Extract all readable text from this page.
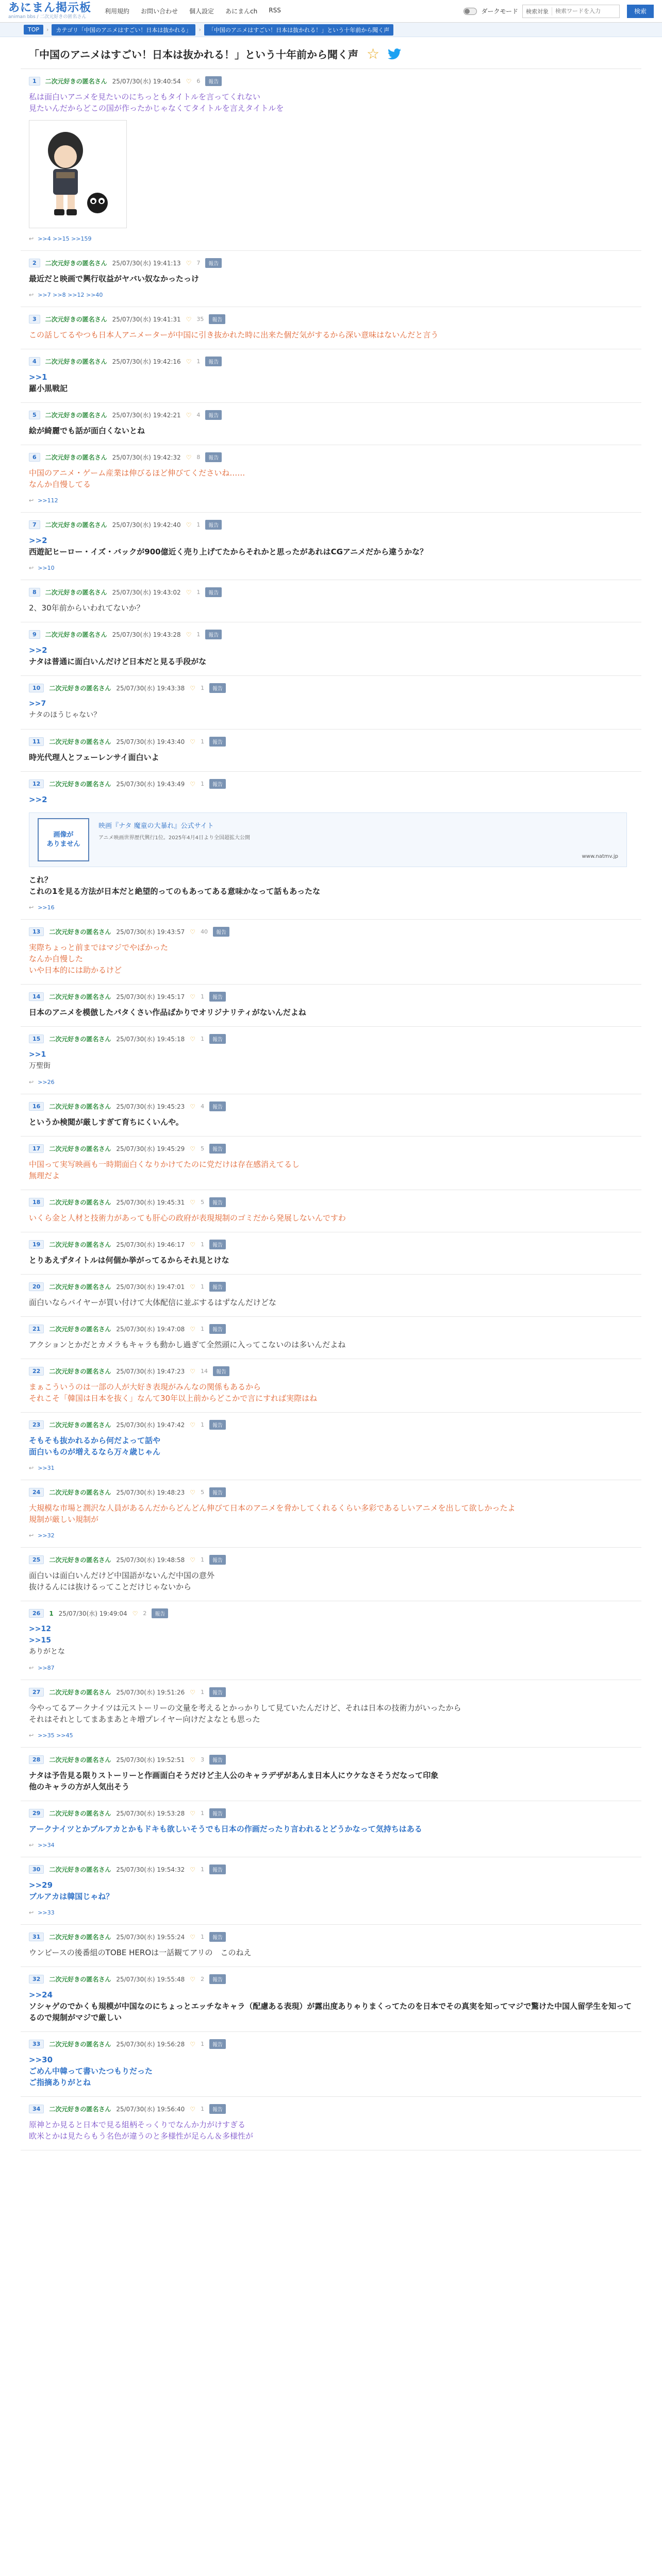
あにまん掲示板
animan bbs / 二次元好きの匿名さん
利用規約 お問い合わせ 個人設定 あにまんch RSS	ダークモード	検索対象
検索ワードを入力	検索
TOP	›	カテゴリ「中国のアニメはすごい！日本は抜かれる」	›	「中国のアニメはすごい！日本は抜かれる！」という十年前から聞く声
「中国のアニメはすごい！日本は抜かれる！」という十年前から聞く声 ☆
1	二次元好きの匿名さん 25/07/30(水) 19:40:54 ♡ 6	報告
私は面白いアニメを見たいのにちっともタイトルを言ってくれない
見たいんだからどこの国が作ったかじゃなくてタイトルを言えタイトルを
↩ >>4 >>15 >>159
2	二次元好きの匿名さん 25/07/30(水) 19:41:13 ♡ 7	報告
最近だと映画で興行収益がヤバい奴なかったっけ
↩ >>7 >>8 >>12 >>40
3	二次元好きの匿名さん 25/07/30(水) 19:41:31 ♡ 35	報告
この話してるやつも日本人アニメーターが中国に引き抜かれた時に出来た個だ気がするから深い意味はないんだと言う
4	二次元好きの匿名さん 25/07/30(水) 19:42:16 ♡ 1	報告
>>1
羅小黒戦記
5	二次元好きの匿名さん 25/07/30(水) 19:42:21 ♡ 4	報告
絵が綺麗でも話が面白くないとね
6	二次元好きの匿名さん 25/07/30(水) 19:42:32 ♡ 8	報告
中国のアニメ・ゲーム産業は伸びるほど伸びてくださいね……
なんか自慢してる
↩ >>112
7	二次元好きの匿名さん 25/07/30(水) 19:42:40 ♡ 1	報告
>>2
西遊記ヒーロー・イズ・バックが900億近く売り上げてたからそれかと思ったがあれはCGアニメだから違うかな？
↩ >>10
8	二次元好きの匿名さん 25/07/30(水) 19:43:02 ♡ 1	報告
2、30年前からいわれてないか？
9	二次元好きの匿名さん 25/07/30(水) 19:43:28 ♡ 1	報告
>>2
ナタは普通に面白いんだけど日本だと見る手段がな
10	二次元好きの匿名さん 25/07/30(水) 19:43:38 ♡ 1	報告
>>7
ナタのほうじゃない？
11	二次元好きの匿名さん 25/07/30(水) 19:43:40 ♡ 1	報告
時光代理人とフェーレンサイ面白いよ
12	二次元好きの匿名さん 25/07/30(水) 19:43:49 ♡ 1	報告
>>2
画像が
ありません
映画『ナタ 魔童の大暴れ』公式サイト
アニメ映画世界歴代興行1位。2025年4月4日より全国超拡大公開
www.natmv.jp
これ？
これの1を見る方法が日本だと絶望的ってのもあってある意味かなって話もあったな
↩ >>16
13	二次元好きの匿名さん 25/07/30(水) 19:43:57 ♡ 40	報告
実際ちょっと前まではマジでやばかった
なんか自慢した
いや日本的には助かるけど
14	二次元好きの匿名さん 25/07/30(水) 19:45:17 ♡ 1	報告
日本のアニメを模倣したパタくさい作品ばかりでオリジナリティがないんだよね
15	二次元好きの匿名さん 25/07/30(水) 19:45:18 ♡ 1	報告
>>1
万聖街
↩ >>26
16	二次元好きの匿名さん 25/07/30(水) 19:45:23 ♡ 4	報告
というか検閲が厳しすぎて育ちにくいんや。
17	二次元好きの匿名さん 25/07/30(水) 19:45:29 ♡ 5	報告
中国って実写映画も一時期面白くなりかけてたのに党だけは存在感消えてるし
無理だよ
18	二次元好きの匿名さん 25/07/30(水) 19:45:31 ♡ 5	報告
いくら金と人材と技術力があっても肝心の政府が表現規制のゴミだから発展しないんですわ
19	二次元好きの匿名さん 25/07/30(水) 19:46:17 ♡ 1	報告
とりあえずタイトルは何個か挙がってるからそれ見とけな
20	二次元好きの匿名さん 25/07/30(水) 19:47:01 ♡ 1	報告
面白いならバイヤーが買い付けて大体配信に並ぶするはずなんだけどな
21	二次元好きの匿名さん 25/07/30(水) 19:47:08 ♡ 1	報告
アクションとかだとカメラもキャラも動かし過ぎて全然頭に入ってこないのは多いんだよね
22	二次元好きの匿名さん 25/07/30(水) 19:47:23 ♡ 14	報告
まぁこういうのは一部の人が大好き表現がみんなの関係もあるから
それこそ「韓国は日本を抜く」なんて30年以上前からどこかで言にすれば実際はね
23	二次元好きの匿名さん 25/07/30(水) 19:47:42 ♡ 1	報告
そもそも抜かれるから何だよって話や
面白いものが増えるなら万々歳じゃん
↩ >>31
24	二次元好きの匿名さん 25/07/30(水) 19:48:23 ♡ 5	報告
大規模な市場と潤沢な人員があるんだからどんどん伸びて日本のアニメを脅かしてくれるくらい多彩であるしいアニメを出して欲しかったよ
規制が厳しい規制が
↩ >>32
25	二次元好きの匿名さん 25/07/30(水) 19:48:58 ♡ 1	報告
面白いは面白いんだけど中国語がないんだ中国の意外
抜けるんには抜けるってことだけじゃないから
26	1 25/07/30(水) 19:49:04 ♡ 2	報告
>>12
>>15
ありがとな
↩ >>87
27	二次元好きの匿名さん 25/07/30(水) 19:51:26 ♡ 1	報告
今やってるアークナイツは元ストーリーの文量を考えるとかっかりして見ていたんだけど、それは日本の技術力がいったから
それはそれとしてまあまあとキ増プレイヤー向けだよなとも思った
↩ >>35 >>45
28	二次元好きの匿名さん 25/07/30(水) 19:52:51 ♡ 3	報告
ナタは予告見る限りストーリーと作画面白そうだけど主人公のキャラデザがあんま日本人にウケなさそうだなって印象
他のキャラの方が人気出そう
29	二次元好きの匿名さん 25/07/30(水) 19:53:28 ♡ 1	報告
アークナイツとかブルアカとかもドキも欲しいそうでも日本の作画だったり言われるとどうかなって気持ちはある
↩ >>34
30	二次元好きの匿名さん 25/07/30(水) 19:54:32 ♡ 1	報告
>>29
ブルアカは韓国じゃね？
↩ >>33
31	二次元好きの匿名さん 25/07/30(水) 19:55:24 ♡ 1	報告
ウンピースの後番組のTOBE HEROは一話観てアリの　このねえ
32	二次元好きの匿名さん 25/07/30(水) 19:55:48 ♡ 2	報告
>>24
ソシャゲのでかくも規模が中国なのにちょっとエッチなキャラ（配慮ある表現）が露出度ありゃりまくってたのを日本でその真実を知ってマジで驚けた中国人留学生を知ってるので規制がマジで厳しい
33	二次元好きの匿名さん 25/07/30(水) 19:56:28 ♡ 1	報告
>>30
ごめん中韓って書いたつもりだった
ご指摘ありがとね
34	二次元好きの匿名さん 25/07/30(水) 19:56:40 ♡ 1	報告
原神とか見ると日本で見る組柄そっくりでなんか力がけすぎる
欧米とかは見たらもう名色が違うのと多様性が足らん＆多様性が
